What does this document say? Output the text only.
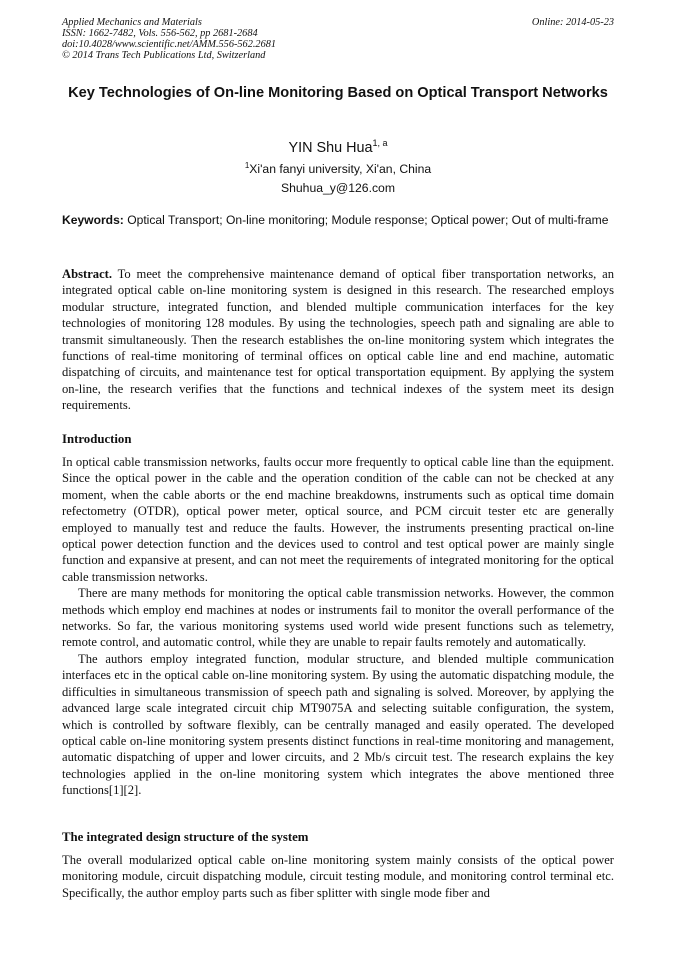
Applied Mechanics and Materials
ISSN: 1662-7482, Vols. 556-562, pp 2681-2684
doi:10.4028/www.scientific.net/AMM.556-562.2681
© 2014 Trans Tech Publications Ltd, Switzerland
Online: 2014-05-23
Key Technologies of On-line Monitoring Based on Optical Transport Networks
YIN Shu Hua$^{1, a}$
$^1$Xi'an fanyi university, Xi'an, China
Shuhua_y@126.com
Keywords: Optical Transport; On-line monitoring; Module response; Optical power; Out of multi-frame
Abstract. To meet the comprehensive maintenance demand of optical fiber transportation networks, an integrated optical cable on-line monitoring system is designed in this research. The researched employs modular structure, integrated function, and blended multiple communication interfaces for the key technologies of monitoring 128 modules. By using the technologies, speech path and signaling are able to transmit simultaneously. Then the research establishes the on-line monitoring system which integrates the functions of real-time monitoring of terminal offices on optical cable line and end machine, automatic dispatching of circuits, and maintenance test for optical transportation equipment. By applying the system on-line, the research verifies that the functions and technical indexes of the system meet its design requirements.
Introduction

In optical cable transmission networks, faults occur more frequently to optical cable line than the equipment. Since the optical power in the cable and the operation condition of the cable can not be checked at any moment, when the cable aborts or the end machine breakdowns, instruments such as optical time domain refectometry (OTDR), optical power meter, optical source, and PCM circuit tester etc are generally employed to manually test and reduce the faults. However, the instruments presenting practical on-line optical power detection function and the devices used to control and test optical power are mainly single function and expansive at present, and can not meet the requirements of integrated monitoring for the optical cable transmission networks.

There are many methods for monitoring the optical cable transmission networks. However, the common methods which employ end machines at nodes or instruments fail to monitor the overall performance of the networks. So far, the various monitoring systems used world wide present functions such as telemetry, remote control, and automatic control, while they are unable to repair faults remotely and automatically.

The authors employ integrated function, modular structure, and blended multiple communication interfaces etc in the optical cable on-line monitoring system. By using the automatic dispatching module, the difficulties in simultaneous transmission of speech path and signaling is solved. Moreover, by applying the advanced large scale integrated circuit chip MT9075A and selecting suitable configuration, the system, which is controlled by software flexibly, can be centrally managed and easily operated. The developed optical cable on-line monitoring system presents distinct functions in real-time monitoring and management, automatic dispatching of upper and lower circuits, and 2 Mb/s circuit test. The research explains the key technologies applied in the on-line monitoring system which integrates the above mentioned three functions[1][2].

The integrated design structure of the system

The overall modularized optical cable on-line monitoring system mainly consists of the optical power monitoring module, circuit dispatching module, circuit testing module, and monitoring control terminal etc. Specifically, the author employ parts such as fiber splitter with single mode fiber and
